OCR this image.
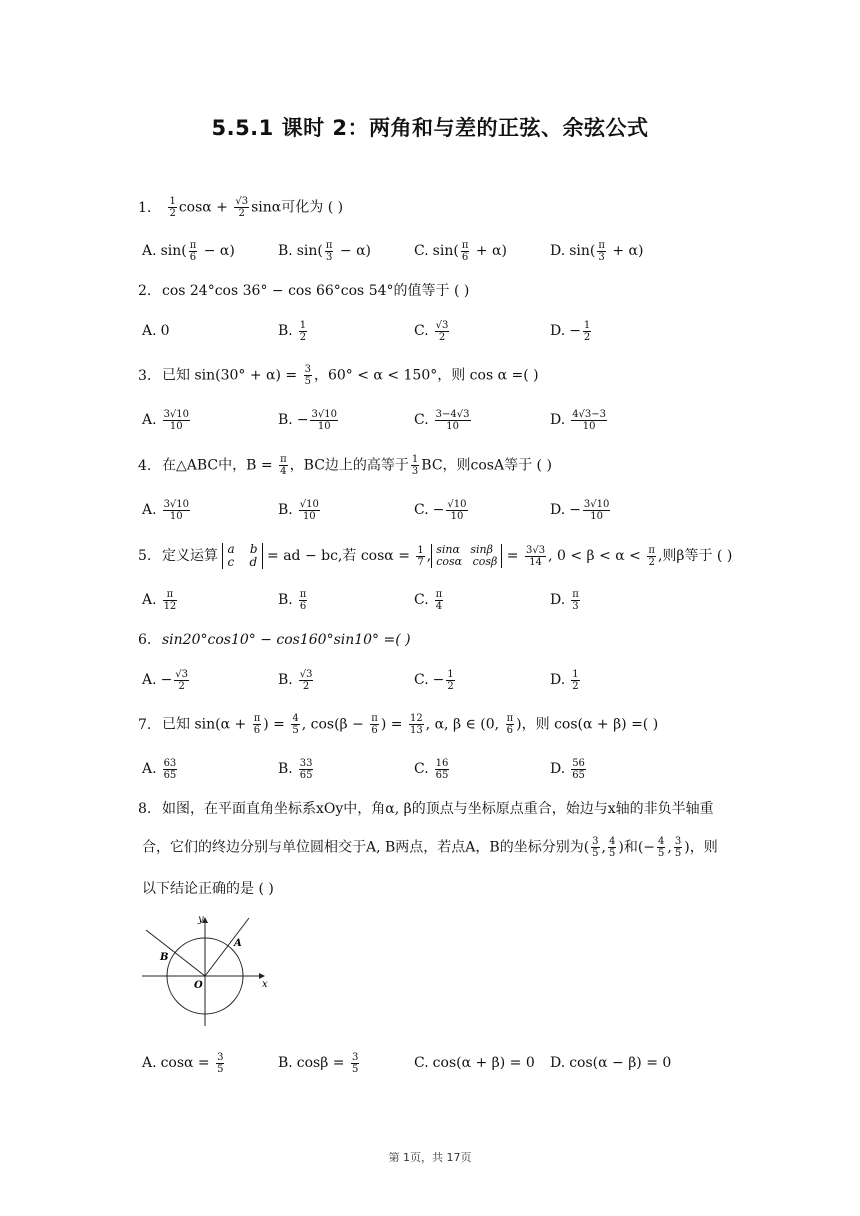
5.5.1 课时 2：两角和与差的正弦、余弦公式
1. $\frac{1}{2}$ $\cos\alpha + \frac{√3}{2}$ sinα可化为 ( )
A. $\sin( \frac{\pi}{6} - \alpha)$	B. $\sin( \frac{\pi}{3} - \alpha)$	C. $\sin( \frac{\pi}{6} + \alpha)$	D. $\sin( \frac{\pi}{3} + \alpha)$
2. cos 24°cos 36° − cos 66°cos 54°的值等于 ( )
A. 0	B. $\frac{1}{2}$	C. $\frac{√3}{2}$	D. − $\frac{1}{2}$
3. 已知 $\sin(30^\circ + \alpha) = \frac{3}{5}$ ，60° < α < 150°，则 cos α =( )
A. $\frac{3√10}{10}$	B. − $\frac{3√10}{10}$	C. $\frac{3-4√3}{10}$	D. $\frac{4√3-3}{10}$
4. 在△ABC中，$B = \frac{\pi}{4}$ ，BC边上的高等于 $\frac{1}{3}$ BC，则cosA等于 ( )
A. $\frac{3√10}{10}$	B. $\frac{√10}{10}$	C. − $\frac{√10}{10}$	D. − $\frac{3√10}{10}$
5. 定义运算 a b
c d = ad − bc,若 $\cos\alpha = \frac{1}{7}$ , sinα sinβ
cosα $\cos\beta = \frac{3√3}{14}$ , $0 < \beta < \alpha < \frac{\pi}{2}$ ,则β等于 ( )
A. $\frac{\pi}{12}$	B. $\frac{\pi}{6}$	C. $\frac{\pi}{4}$	D. $\frac{\pi}{3}$
6. sin20°cos10° − cos160°sin10° =( )
A. − $\frac{√3}{2}$	B. $\frac{√3}{2}$	C. − $\frac{1}{2}$	D. $\frac{1}{2}$
7. 已知 $\sin(\alpha + \frac{\pi}{6}$ ) = $\frac{4}{5}$ , $\cos(\beta - \frac{\pi}{6}$ ) = $\frac{12}{13}$ , α, β ∈ (0, $\frac{\pi}{6}$ )，则 cos(α + β) =( )
A. $\frac{63}{65}$	B. $\frac{33}{65}$	C. $\frac{16}{65}$	D. $\frac{56}{65}$
8. 如图，在平面直角坐标系xOy中，角α, β的顶点与坐标原点重合，始边与x轴的非负半轴重
合，它们的终边分别与单位圆相交于A, B两点，若点A，B的坐标分别为( $\frac{3}{5}$ , $\frac{4}{5}$ )和(− $\frac{4}{5}$ , $\frac{3}{5}$ )，则
以下结论正确的是 ( )
y
x
O
A
B
A. $\cos\alpha = \frac{3}{5}$	B. $\cos\beta = \frac{3}{5}$	C. cos(α + β) = 0 D. cos(α − β) = 0
第 1页，共 17页
